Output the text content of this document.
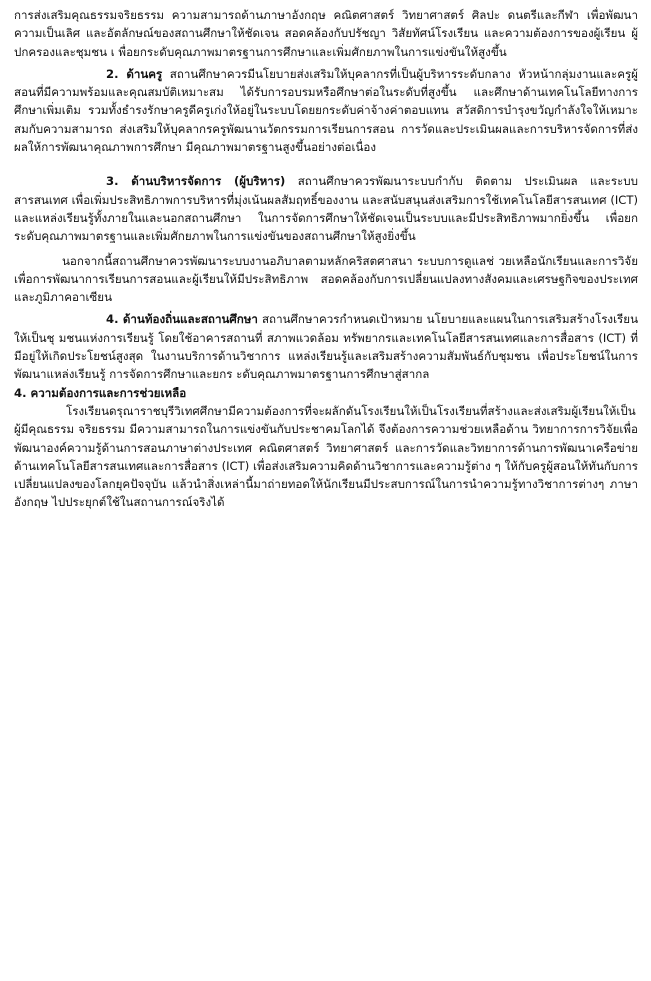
การส่งเสริมคุณธรรมจริยธรรม ความสามารถด้านภาษาอังกฤษ คณิตศาสตร์ วิทยาศาสตร์ ศิลปะ ดนตรีและกีฬา เพื่อพัฒนาความเป็นเลิศ และอัตลักษณ์ของสถานศึกษาให้ชัดเจน สอดคล้องกับปรัชญา วิสัยทัศน์โรงเรียน และความต้องการของผู้เรียน ผู้ปกครองและชุมชน เ พื่อยกระดับคุณภาพมาตรฐานการศึกษาและเพิ่มศักยภาพในการแข่งขันให้สูงขึ้น

2. ด้านครู สถานศึกษาควรมีนโยบายส่งเสริมให้บุคลากรที่เป็นผู้บริหารระดับกลาง หัวหน้ากลุ่มงานและครูผู้สอนที่มีความพร้อมและคุณสมบัติเหมาะสม ได้รับการอบรมหรือศึกษาต่อในระดับที่สูงขึ้น และศึกษาด้านเทคโนโลยีทางการศึกษาเพิ่มเติม รวมทั้งธำรงรักษาครูดีครูเก่งให้อยู่ในระบบโดยยกระดับค่าจ้างค่าตอบแทน สวัสดิการบำรุงขวัญกำลังใจให้เหมาะสมกับความสามารถ ส่งเสริมให้บุคลากรครูพัฒนานวัตกรรมการเรียนการสอน การวัดและประเมินผลและการบริหารจัดการที่ส่งผลให้การพัฒนาคุณภาพการศึกษา มีคุณภาพมาตรฐานสูงขึ้นอย่างต่อเนื่อง

3. ด้านบริหารจัดการ (ผู้บริหาร) สถานศึกษาควรพัฒนาระบบกำกับ ติดตาม ประเมินผล และระบบสารสนเทศ เพื่อเพิ่มประสิทธิภาพการบริหารที่มุ่งเน้นผลสัมฤทธิ์ของงาน และสนับสนุนส่งเสริมการใช้เทคโนโลยีสารสนเทศ (ICT) และแหล่งเรียนรู้ทั้งภายในและนอกสถานศึกษา ในการจัดการศึกษาให้ชัดเจนเป็นระบบและมีประสิทธิภาพมากยิ่งขึ้น เพื่อยกระดับคุณภาพมาตรฐานและเพิ่มศักยภาพในการแข่งขันของสถานศึกษาให้สูงยิ่งขึ้น

นอกจากนี้สถานศึกษาควรพัฒนาระบบงานอภิบาลตามหลักคริสตศาสนา ระบบการดูแลช่ วยเหลือนักเรียนและการวิจัยเพื่อการพัฒนาการเรียนการสอนและผู้เรียนให้มีประสิทธิภาพ สอดคล้องกับการเปลี่ยนแปลงทางสังคมและเศรษฐกิจของประเทศและภูมิภาคอาเซียน

4. ด้านท้องถิ่นและสถานศึกษา สถานศึกษาควรกำหนดเป้าหมาย นโยบายและแผนในการเสริมสร้างโรงเรียนให้เป็นชุ มชนแห่งการเรียนรู้ โดยใช้อาคารสถานที่ สภาพแวดล้อม ทรัพยากรและเทคโนโลยีสารสนเทศและการสื่อสาร (ICT) ที่มีอยู่ให้เกิดประโยชน์สูงสุด ในงานบริการด้านวิชาการ แหล่งเรียนรู้และเสริมสร้างความสัมพันธ์กับชุมชน เพื่อประโยชน์ในการพัฒนาแหล่งเรียนรู้ การจัดการศึกษาและยกร ะดับคุณภาพมาตรฐานการศึกษาสู่สากล

4. ความต้องการและการช่วยเหลือ

โรงเรียนดรุณาราชบุรีวิเทศศึกษามีความต้องการที่จะผลักดันโรงเรียนให้เป็นโรงเรียนที่สร้างและส่งเสริมผู้เรียนให้เป็นผู้มีคุณธรรม จริยธรรม มีความสามารถในการแข่งขันกับประชาคมโลกได้ จึงต้องการความช่วยเหลือด้าน วิทยาการการวิจัยเพื่อพัฒนาองค์ความรู้ด้านการสอนภาษาต่างประเทศ คณิตศาสตร์ วิทยาศาสตร์ และการวัดและวิทยาการด้านการพัฒนาเครือข่ายด้านเทคโนโลยีสารสนเทศและการสื่อสาร (ICT) เพื่อส่งเสริมความคิดด้านวิชาการและความรู้ต่าง ๆ ให้กับครูผู้สอนให้ทันกับการเปลี่ยนแปลงของโลกยุคปัจจุบัน แล้วนำสิ่งเหล่านี้มาถ่ายทอดให้นักเรียนมีประสบการณ์ในการนำความรู้ทางวิชาการต่างๆ ภาษาอังกฤษ ไปประยุกต์ใช้ในสถานการณ์จริงได้
